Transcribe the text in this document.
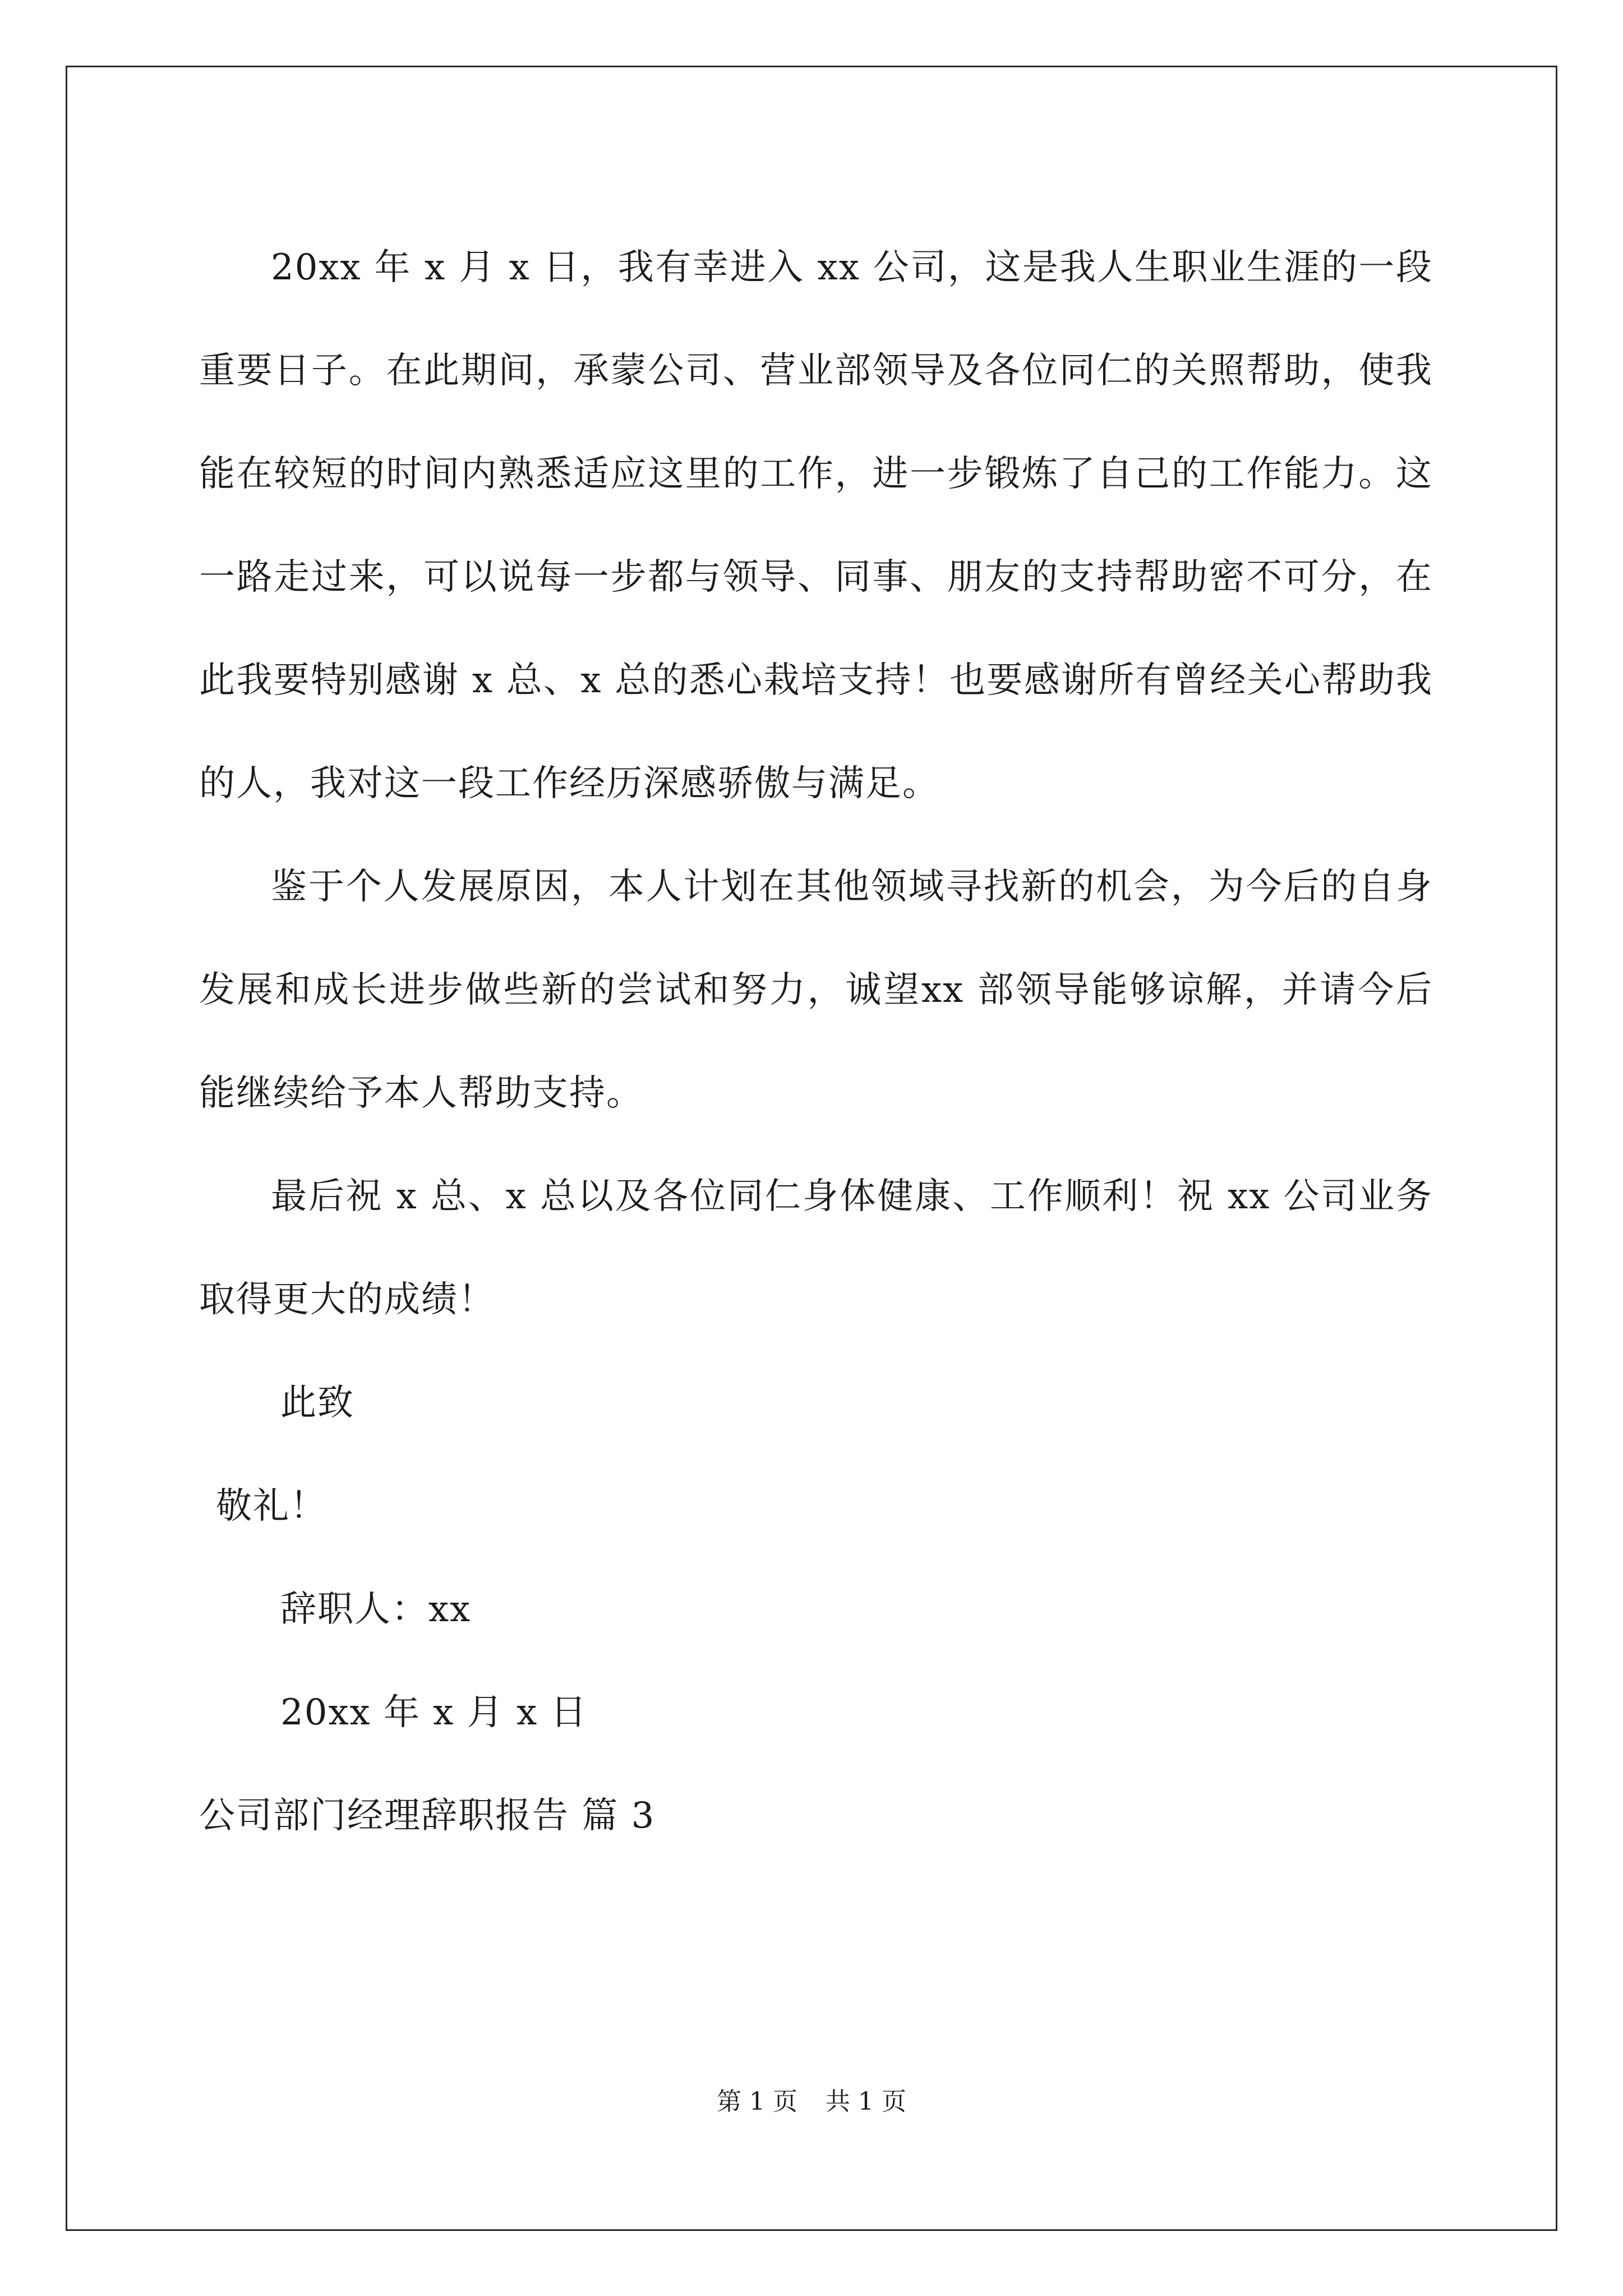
20xx 年 x 月 x 日，我有幸进入 xx 公司，这是我人生职业生涯的一段重要日子。在此期间，承蒙公司、营业部领导及各位同仁的关照帮助，使我能在较短的时间内熟悉适应这里的工作，进一步锻炼了自己的工作能力。这一路走过来，可以说每一步都与领导、同事、朋友的支持帮助密不可分，在此我要特别感谢 x 总、x 总的悉心栽培支持！也要感谢所有曾经关心帮助我的人，我对这一段工作经历深感骄傲与满足。

鉴于个人发展原因，本人计划在其他领域寻找新的机会，为今后的自身发展和成长进步做些新的尝试和努力，诚望xx 部领导能够谅解，并请今后能继续给予本人帮助支持。

最后祝 x 总、x 总以及各位同仁身体健康、工作顺利！祝 xx 公司业务取得更大的成绩！

此致

敬礼！

辞职人：xx

20xx 年 x 月 x 日

公司部门经理辞职报告 篇 3

第 1 页 共 1 页
